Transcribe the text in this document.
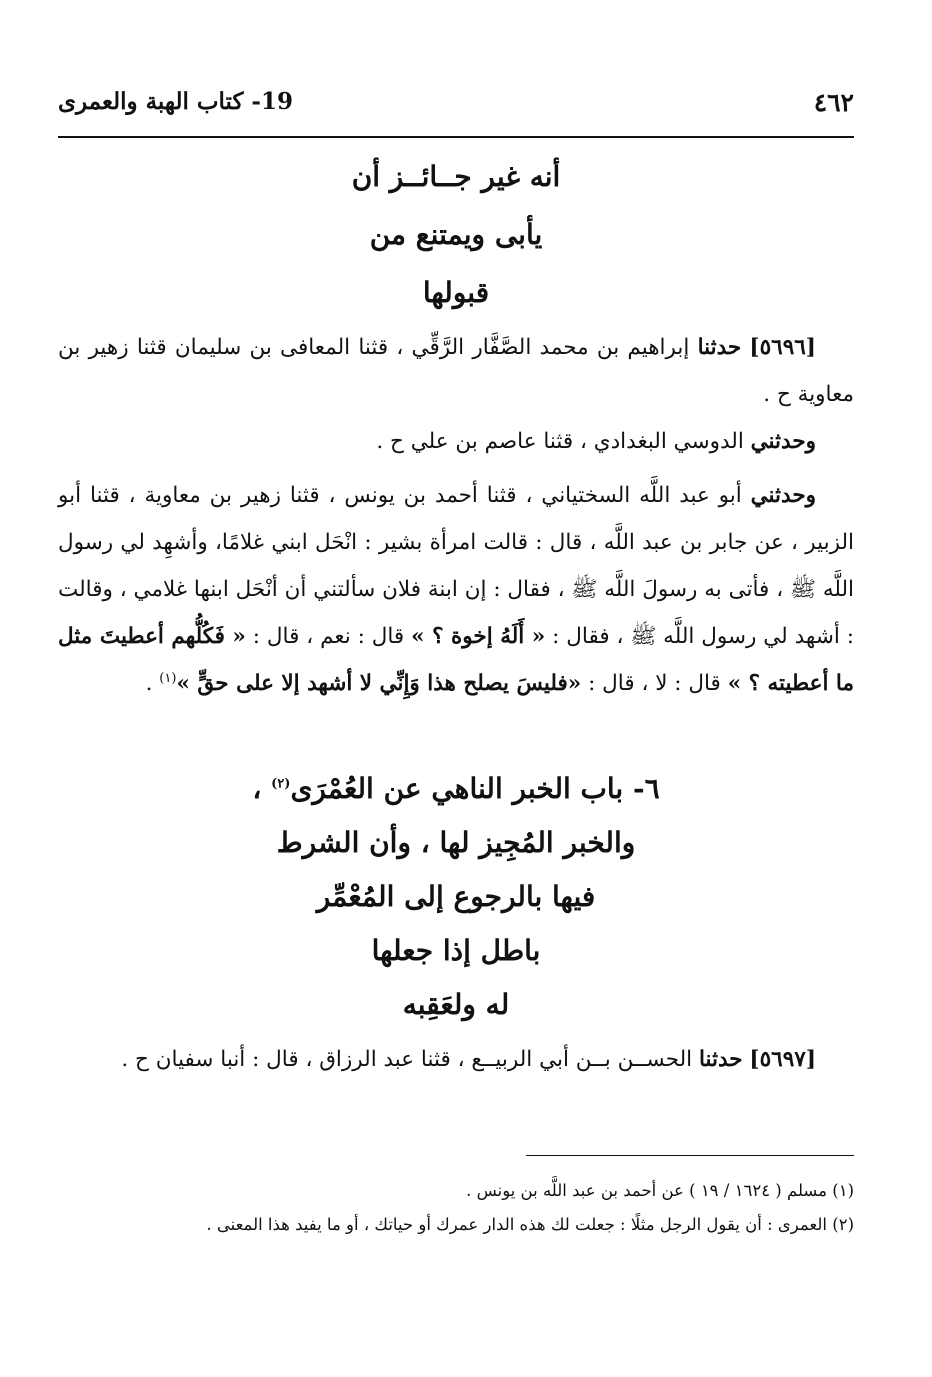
٤٦٢
19- كتاب الهبة والعمرى
أنه غير جــائــز أن
يأبى ويمتنع من
قبولها
[٥٦٩٦] حدثنا إبراهيم بن محمد الصَّفَّار الرَّقِّي ، قثنا المعافى بن سليمان قثنا زهير بن معاوية ح .
وحدثني الدوسي البغدادي ، قثنا عاصم بن علي ح .
وحدثني أبو عبد اللَّه السختياني ، قثنا أحمد بن يونس ، قثنا زهير بن معاوية ، قثنا أبو الزبير ، عن جابر بن عبد اللَّه ، قال : قالت امرأة بشير : انْحَل ابني غلامًا، وأشهِد لي رسول اللَّه ﷺ ، فأتى به رسولَ اللَّه ﷺ ، فقال : إن ابنة فلان سألتني أن أنْحَل ابنها غلامي ، وقالت : أشهد لي رسول اللَّه ﷺ ، فقال : « أَلَهُ إخوة ؟ » قال : نعم ، قال : « فَكُلُّهم أعطيتَ مثل ما أعطيته ؟ » قال : لا ، قال : «فليسَ يصلح هذا وَإِنِّي لا أشهد إلا على حقٍّ »$^{(١)}$ .
٦- باب الخبر الناهي عن العُمْرَى$^{(٢)}$ ،
والخبر المُجِيز لها ، وأن الشرط
فيها بالرجوع إلى المُعْمِّر
باطل إذا جعلها
له ولعَقِبه
[٥٦٩٧] حدثنا الحســن بــن أبي الربيــع ، قثنا عبد الرزاق ، قال : أنبا سفيان ح .
(١) مسلم ( ١٦٢٤ / ١٩ ) عن أحمد بن عبد اللَّه بن يونس .
(٢) العمرى : أن يقول الرجل مثلًا : جعلت لك هذه الدار عمرك أو حياتك ، أو ما يفيد هذا المعنى .
